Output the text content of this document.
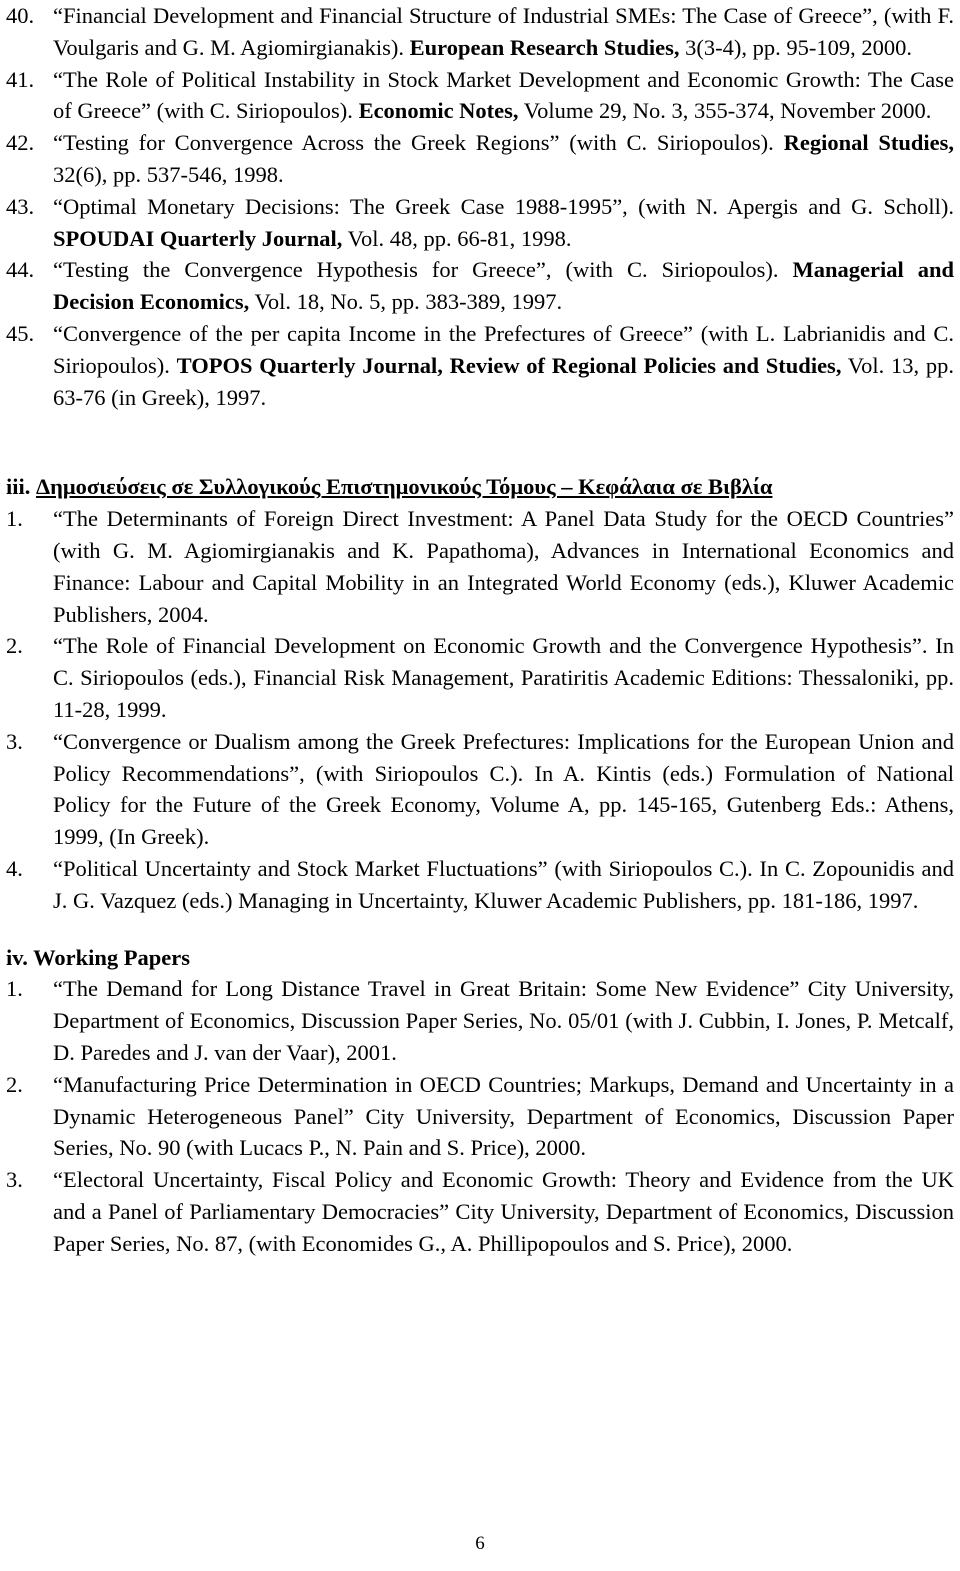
40. “Financial Development and Financial Structure of Industrial SMEs: The Case of Greece”, (with F. Voulgaris and G. M. Agiomirgianakis). European Research Studies, 3(3-4), pp. 95-109, 2000.
41. “The Role of Political Instability in Stock Market Development and Economic Growth: The Case of Greece” (with C. Siriopoulos). Economic Notes, Volume 29, No. 3, 355-374, November 2000.
42. “Testing for Convergence Across the Greek Regions” (with C. Siriopoulos). Regional Studies, 32(6), pp. 537-546, 1998.
43. “Optimal Monetary Decisions: The Greek Case 1988-1995”, (with N. Apergis and G. Scholl). SPOUDAI Quarterly Journal, Vol. 48, pp. 66-81, 1998.
44. “Testing the Convergence Hypothesis for Greece”, (with C. Siriopoulos). Managerial and Decision Economics, Vol. 18, No. 5, pp. 383-389, 1997.
45. “Convergence of the per capita Income in the Prefectures of Greece” (with L. Labrianidis and C. Siriopoulos). TOPOS Quarterly Journal, Review of Regional Policies and Studies, Vol. 13, pp. 63-76 (in Greek), 1997.
iii. Δημοσιεύσεις σε Συλλογικούς Επιστημονικούς Τόμους – Κεφάλαια σε Βιβλία
1. “The Determinants of Foreign Direct Investment: A Panel Data Study for the OECD Countries” (with G. M. Agiomirgianakis and K. Papathoma), Advances in International Economics and Finance: Labour and Capital Mobility in an Integrated World Economy (eds.), Kluwer Academic Publishers, 2004.
2. “The Role of Financial Development on Economic Growth and the Convergence Hypothesis”. In C. Siriopoulos (eds.), Financial Risk Management, Paratiritis Academic Editions: Thessaloniki, pp. 11-28, 1999.
3. “Convergence or Dualism among the Greek Prefectures: Implications for the European Union and Policy Recommendations”, (with Siriopoulos C.). In A. Kintis (eds.) Formulation of National Policy for the Future of the Greek Economy, Volume A, pp. 145-165, Gutenberg Eds.: Athens, 1999, (In Greek).
4. “Political Uncertainty and Stock Market Fluctuations” (with Siriopoulos C.). In C. Zopounidis and J. G. Vazquez (eds.) Managing in Uncertainty, Kluwer Academic Publishers, pp. 181-186, 1997.
iv. Working Papers
1. “The Demand for Long Distance Travel in Great Britain: Some New Evidence” City University, Department of Economics, Discussion Paper Series, No. 05/01 (with J. Cubbin, I. Jones, P. Metcalf, D. Paredes and J. van der Vaar), 2001.
2. “Manufacturing Price Determination in OECD Countries; Markups, Demand and Uncertainty in a Dynamic Heterogeneous Panel” City University, Department of Economics, Discussion Paper Series, No. 90 (with Lucacs P., N. Pain and S. Price), 2000.
3. “Electoral Uncertainty, Fiscal Policy and Economic Growth: Theory and Evidence from the UK and a Panel of Parliamentary Democracies” City University, Department of Economics, Discussion Paper Series, No. 87, (with Economides G., A. Phillipopoulos and S. Price), 2000.
6
